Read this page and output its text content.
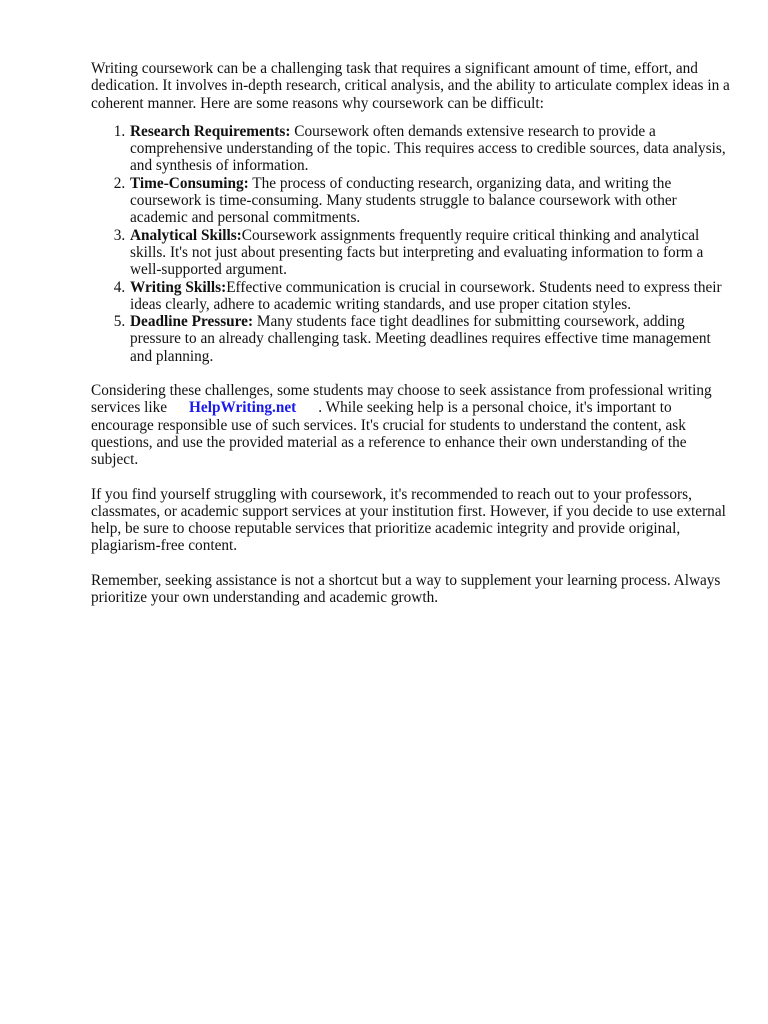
Writing coursework can be a challenging task that requires a significant amount of time, effort, and dedication. It involves in-depth research, critical analysis, and the ability to articulate complex ideas in a coherent manner. Here are some reasons why coursework can be difficult:

1. Research Requirements: Coursework often demands extensive research to provide a comprehensive understanding of the topic. This requires access to credible sources, data analysis, and synthesis of information.
2. Time-Consuming: The process of conducting research, organizing data, and writing the coursework is time-consuming. Many students struggle to balance coursework with other academic and personal commitments.
3. Analytical Skills:Coursework assignments frequently require critical thinking and analytical skills. It's not just about presenting facts but interpreting and evaluating information to form a well-supported argument.
4. Writing Skills:Effective communication is crucial in coursework. Students need to express their ideas clearly, adhere to academic writing standards, and use proper citation styles.
5. Deadline Pressure: Many students face tight deadlines for submitting coursework, adding pressure to an already challenging task. Meeting deadlines requires effective time management and planning.

Considering these challenges, some students may choose to seek assistance from professional writing services like HelpWriting.net . While seeking help is a personal choice, it's important to encourage responsible use of such services. It's crucial for students to understand the content, ask questions, and use the provided material as a reference to enhance their own understanding of the subject.

If you find yourself struggling with coursework, it's recommended to reach out to your professors, classmates, or academic support services at your institution first. However, if you decide to use external help, be sure to choose reputable services that prioritize academic integrity and provide original, plagiarism-free content.

Remember, seeking assistance is not a shortcut but a way to supplement your learning process. Always prioritize your own understanding and academic growth.
